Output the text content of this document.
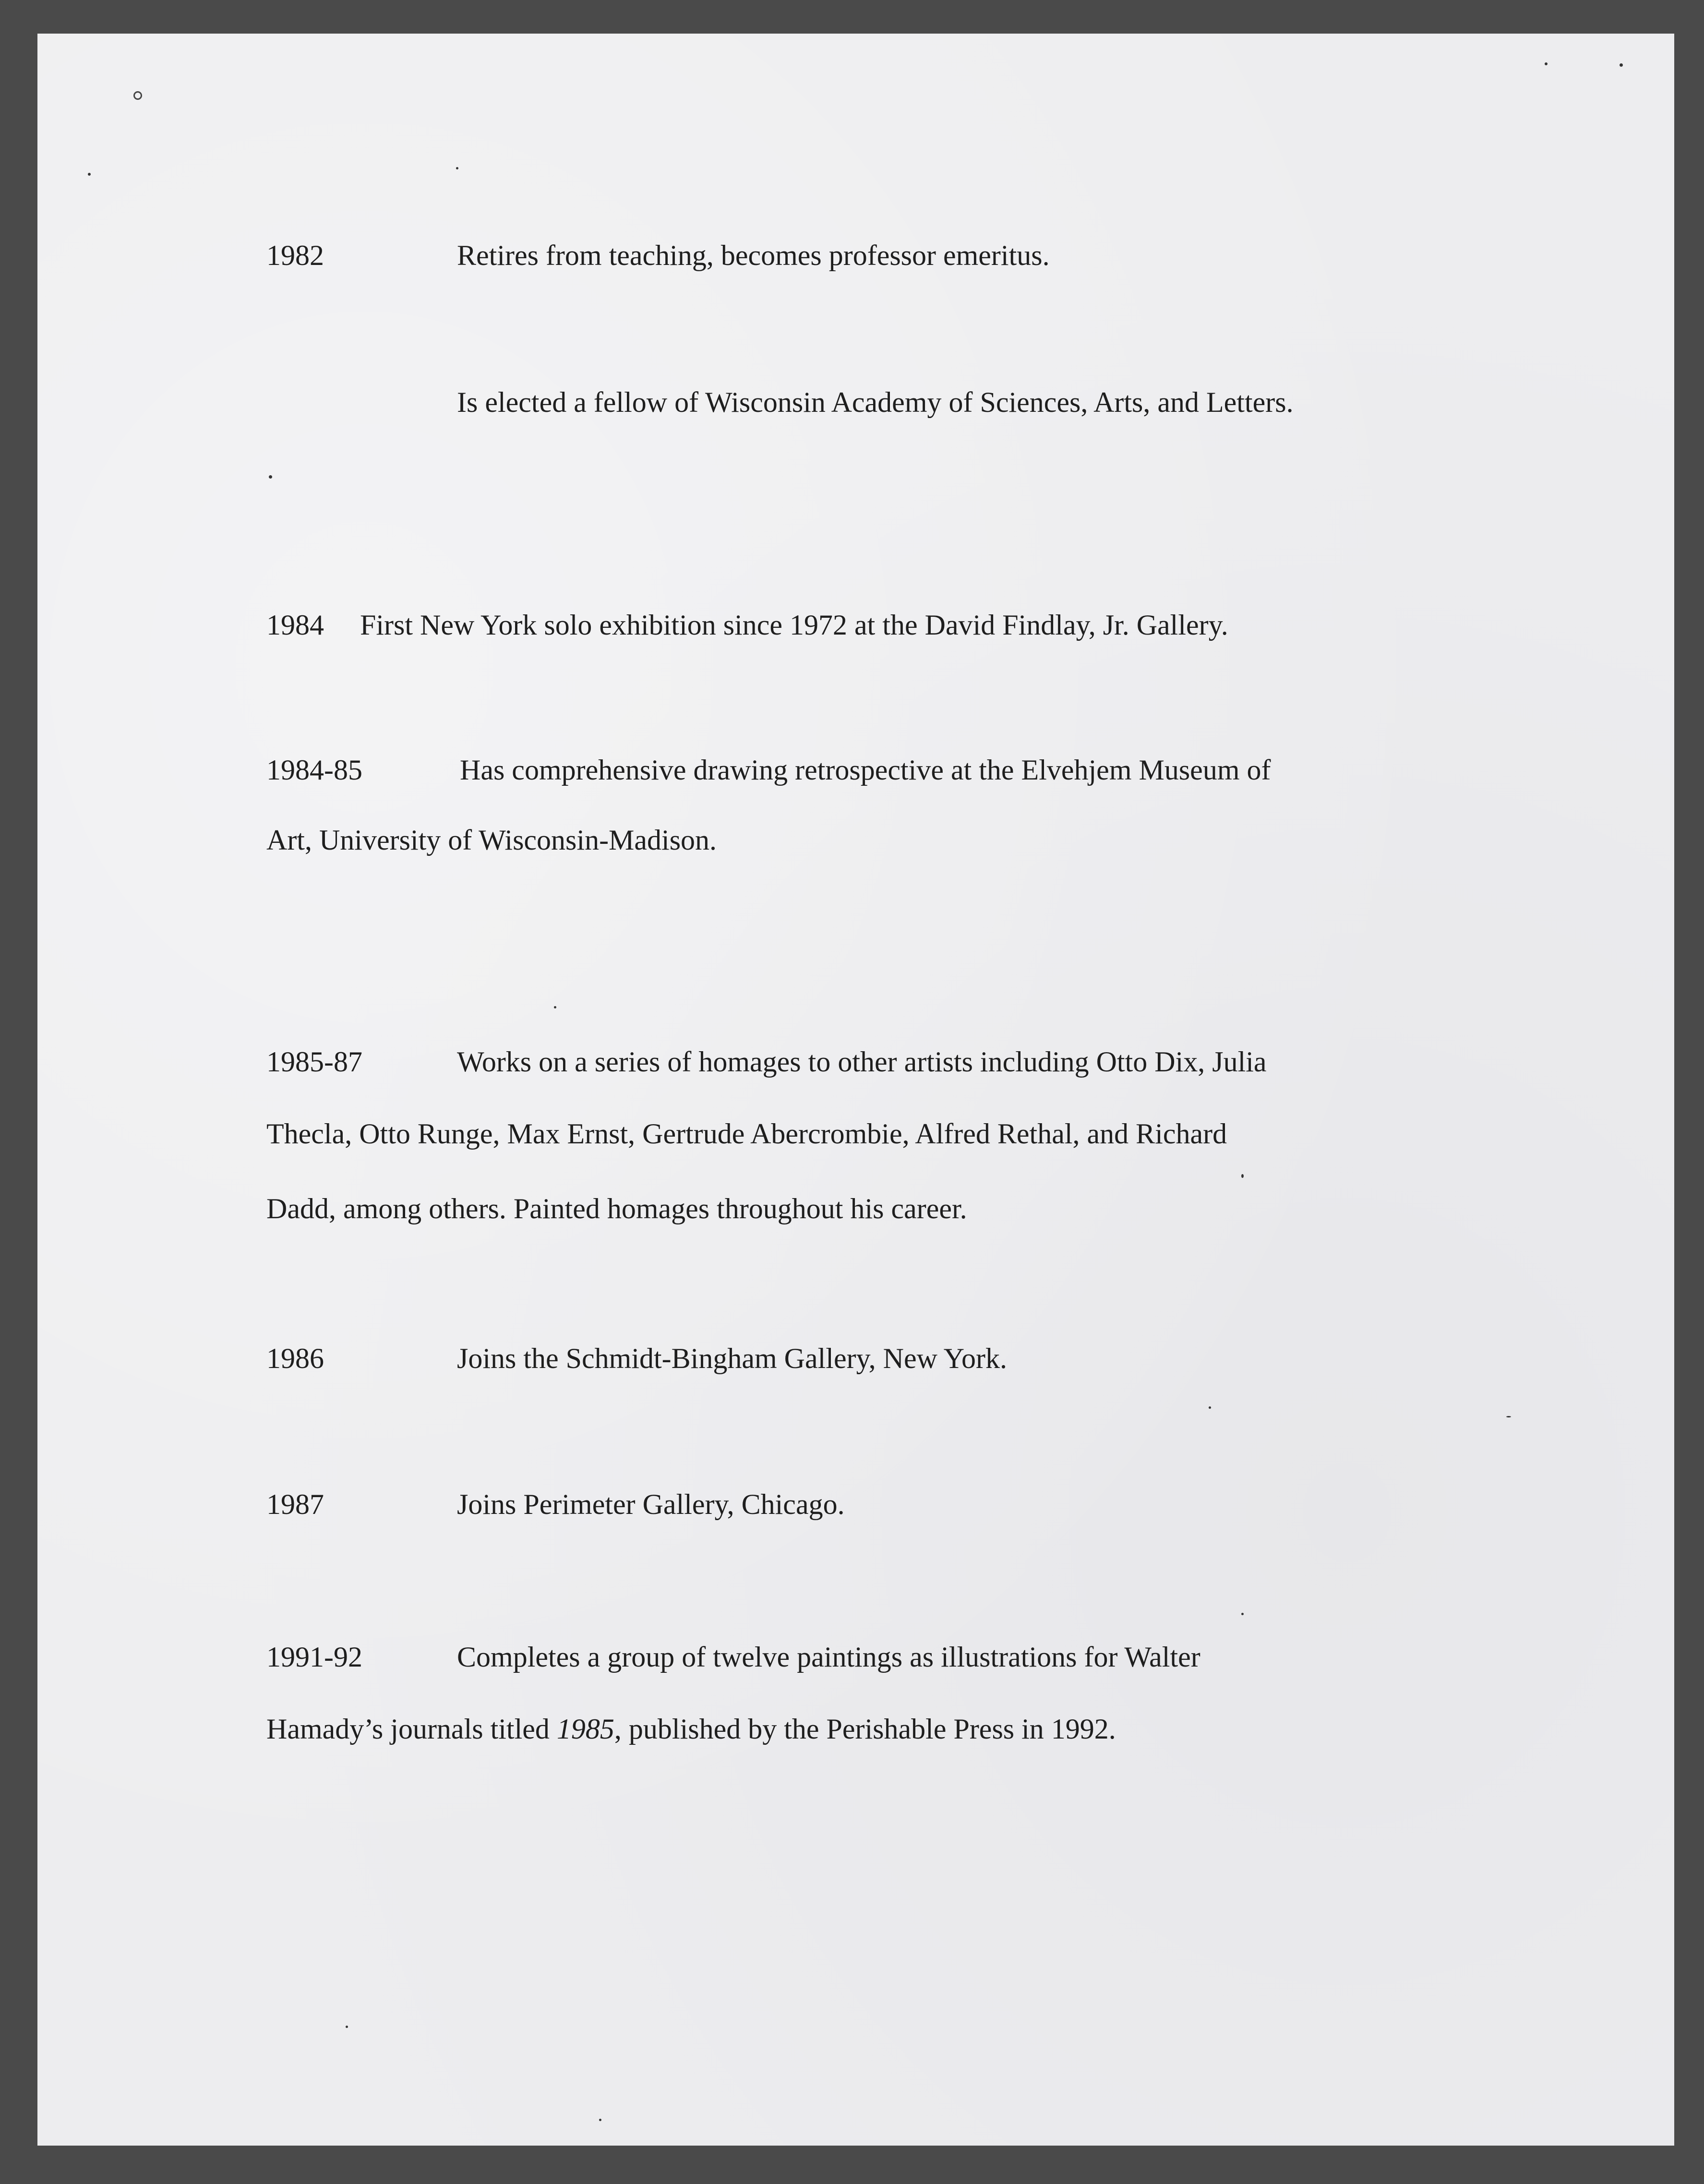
1982	Retires from teaching, becomes professor emeritus.
Is elected a fellow of Wisconsin Academy of Sciences, Arts, and Letters.
1984 First New York solo exhibition since 1972 at the David Findlay, Jr. Gallery.
1984-85	Has comprehensive drawing retrospective at the Elvehjem Museum of
Art, University of Wisconsin-Madison.
1985-87	Works on a series of homages to other artists including Otto Dix, Julia
Thecla, Otto Runge, Max Ernst, Gertrude Abercrombie, Alfred Rethal, and Richard
Dadd, among others. Painted homages throughout his career.
1986	Joins the Schmidt-Bingham Gallery, New York.
1987	Joins Perimeter Gallery, Chicago.
1991-92	Completes a group of twelve paintings as illustrations for Walter
Hamady’s journals titled 1985, published by the Perishable Press in 1992.
